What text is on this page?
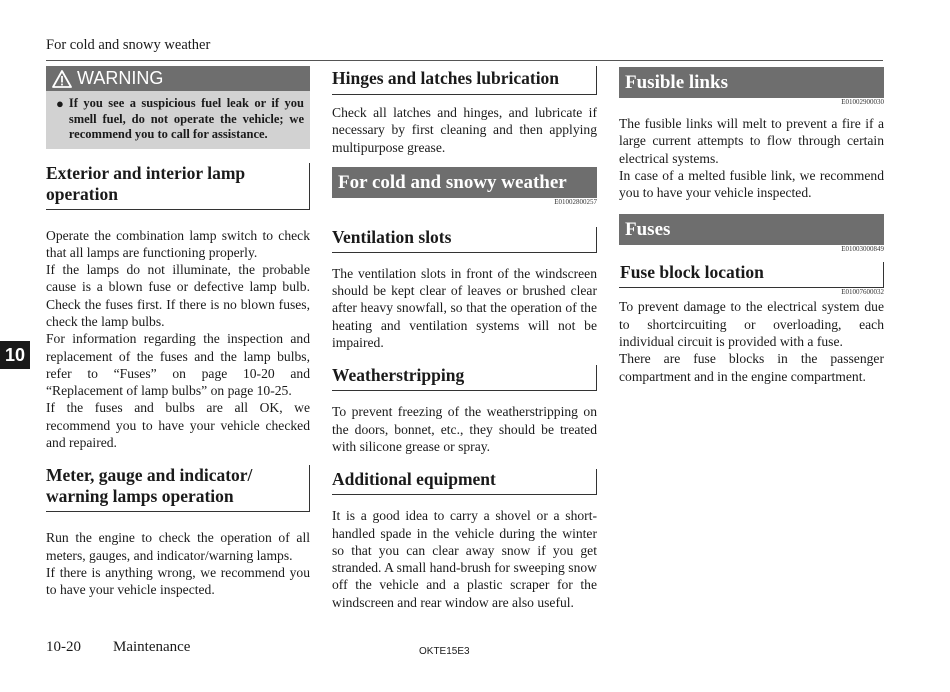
For cold and snowy weather
10
WARNING
● If you see a suspicious fuel leak or if you smell fuel, do not operate the vehicle; we recommend you to call for assistance.
Exterior and interior lamp operation

Operate the combination lamp switch to check that all lamps are functioning properly.

If the lamps do not illuminate, the probable cause is a blown fuse or defective lamp bulb. Check the fuses first. If there is no blown fuses, check the lamp bulbs.

For information regarding the inspection and replacement of the fuses and the lamp bulbs, refer to “Fuses” on page 10-20 and “Replacement of lamp bulbs” on page 10-25.

If the fuses and bulbs are all OK, we recommend you to have your vehicle checked and repaired.

Meter, gauge and indicator/ warning lamps operation

Run the engine to check the operation of all meters, gauges, and indicator/warning lamps.

If there is anything wrong, we recommend you to have your vehicle inspected.

Hinges and latches lubrication

Check all latches and hinges, and lubricate if necessary by first cleaning and then applying multipurpose grease.

For cold and snowy weather
E01002800257
Ventilation slots

The ventilation slots in front of the windscreen should be kept clear of leaves or brushed clear after heavy snowfall, so that the operation of the heating and ventilation systems will not be impaired.

Weatherstripping

To prevent freezing of the weatherstripping on the doors, bonnet, etc., they should be treated with silicone grease or spray.

Additional equipment

It is a good idea to carry a shovel or a short-handled spade in the vehicle during the winter so that you can clear away snow if you get stranded. A small hand-brush for sweeping snow off the vehicle and a plastic scraper for the windscreen and rear window are also useful.

Fusible links
E01002900030

The fusible links will melt to prevent a fire if a large current attempts to flow through certain electrical systems.

In case of a melted fusible link, we recommend you to have your vehicle inspected.

Fuses
E01003000849
Fuse block location
E01007600032

To prevent damage to the electrical system due to shortcircuiting or overloading, each individual circuit is provided with a fuse.

There are fuse blocks in the passenger compartment and in the engine compartment.

10-20 Maintenance	OKTE15E3
